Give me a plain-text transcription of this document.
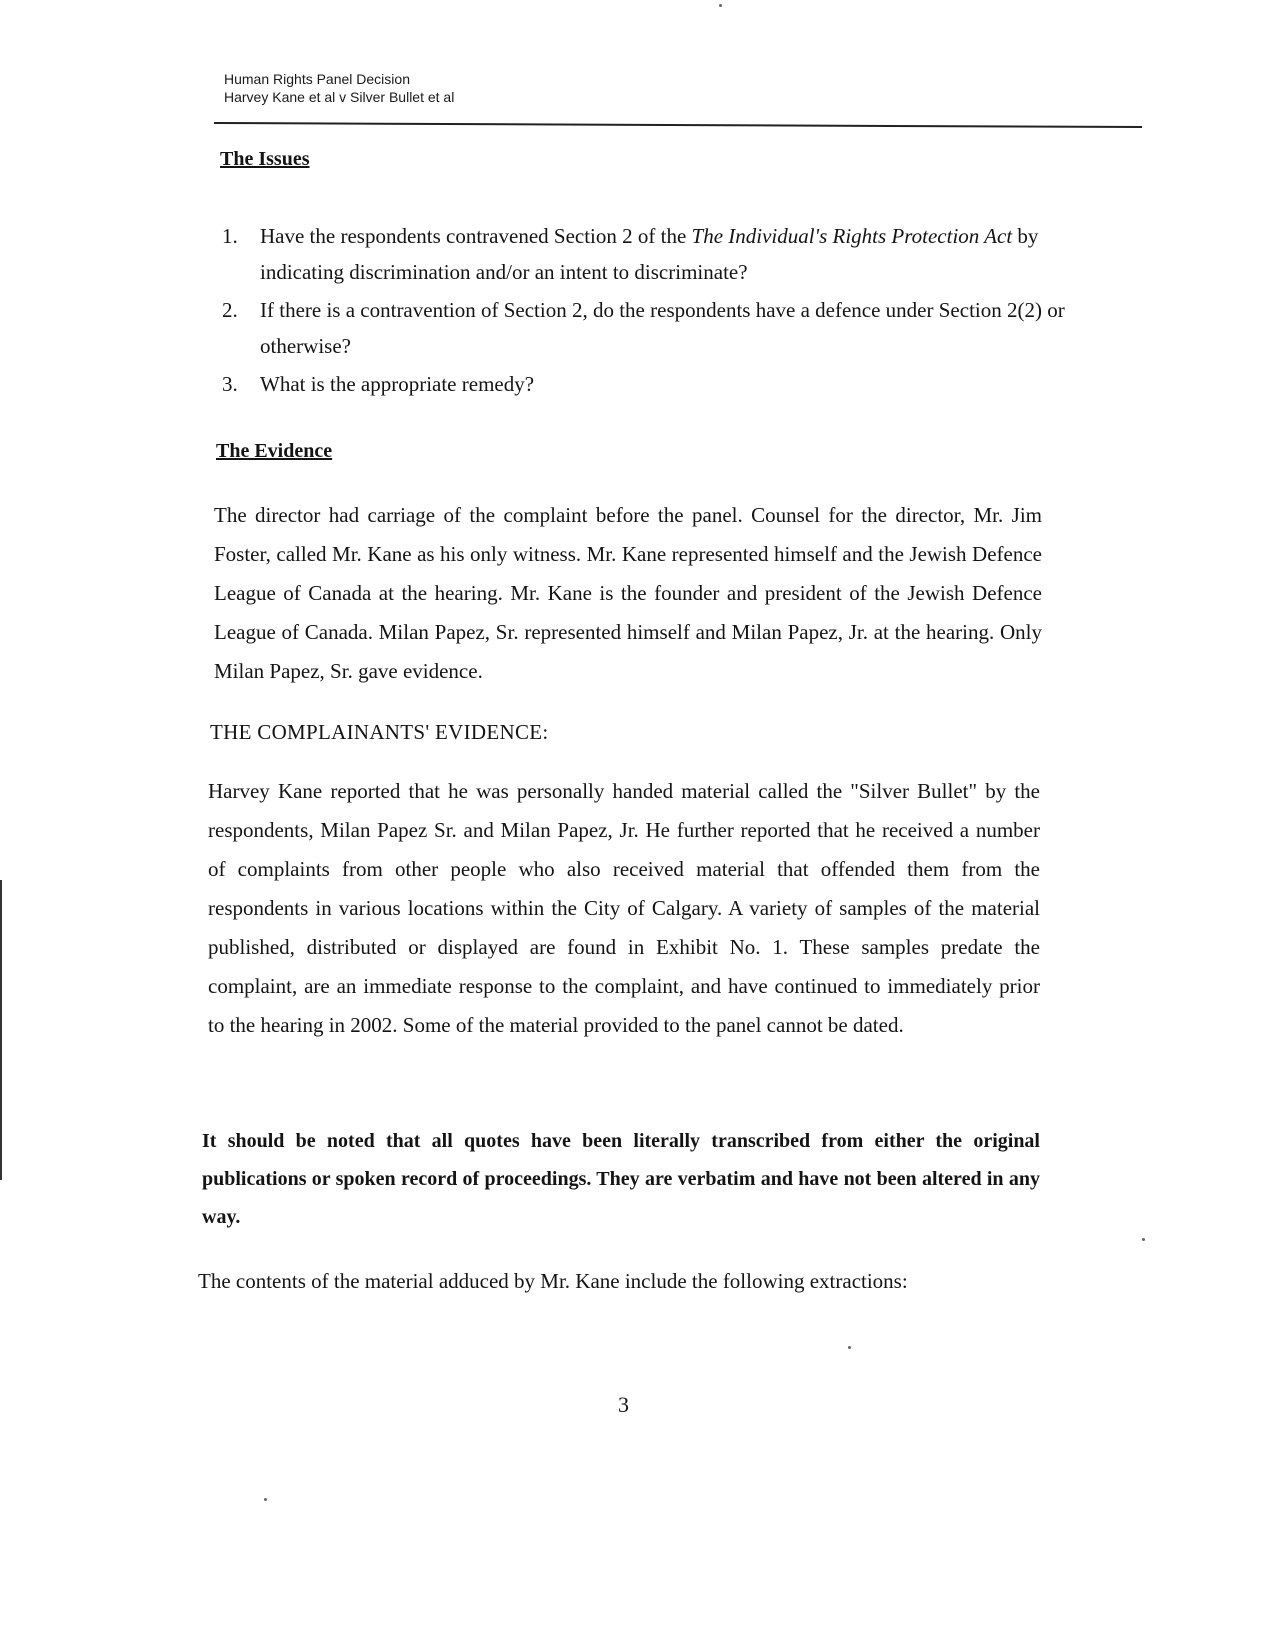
Human Rights Panel Decision
Harvey Kane et al v Silver Bullet et al
The Issues
1. Have the respondents contravened Section 2 of the The Individual's Rights Protection Act by indicating discrimination and/or an intent to discriminate?
2. If there is a contravention of Section 2, do the respondents have a defence under Section 2(2) or otherwise?
3. What is the appropriate remedy?
The Evidence

The director had carriage of the complaint before the panel. Counsel for the director, Mr. Jim Foster, called Mr. Kane as his only witness. Mr. Kane represented himself and the Jewish Defence League of Canada at the hearing. Mr. Kane is the founder and president of the Jewish Defence League of Canada. Milan Papez, Sr. represented himself and Milan Papez, Jr. at the hearing. Only Milan Papez, Sr. gave evidence.

THE COMPLAINANTS' EVIDENCE:

Harvey Kane reported that he was personally handed material called the "Silver Bullet" by the respondents, Milan Papez Sr. and Milan Papez, Jr. He further reported that he received a number of complaints from other people who also received material that offended them from the respondents in various locations within the City of Calgary. A variety of samples of the material published, distributed or displayed are found in Exhibit No. 1. These samples predate the complaint, are an immediate response to the complaint, and have continued to immediately prior to the hearing in 2002. Some of the material provided to the panel cannot be dated.

It should be noted that all quotes have been literally transcribed from either the original publications or spoken record of proceedings. They are verbatim and have not been altered in any way.

The contents of the material adduced by Mr. Kane include the following extractions:

3
